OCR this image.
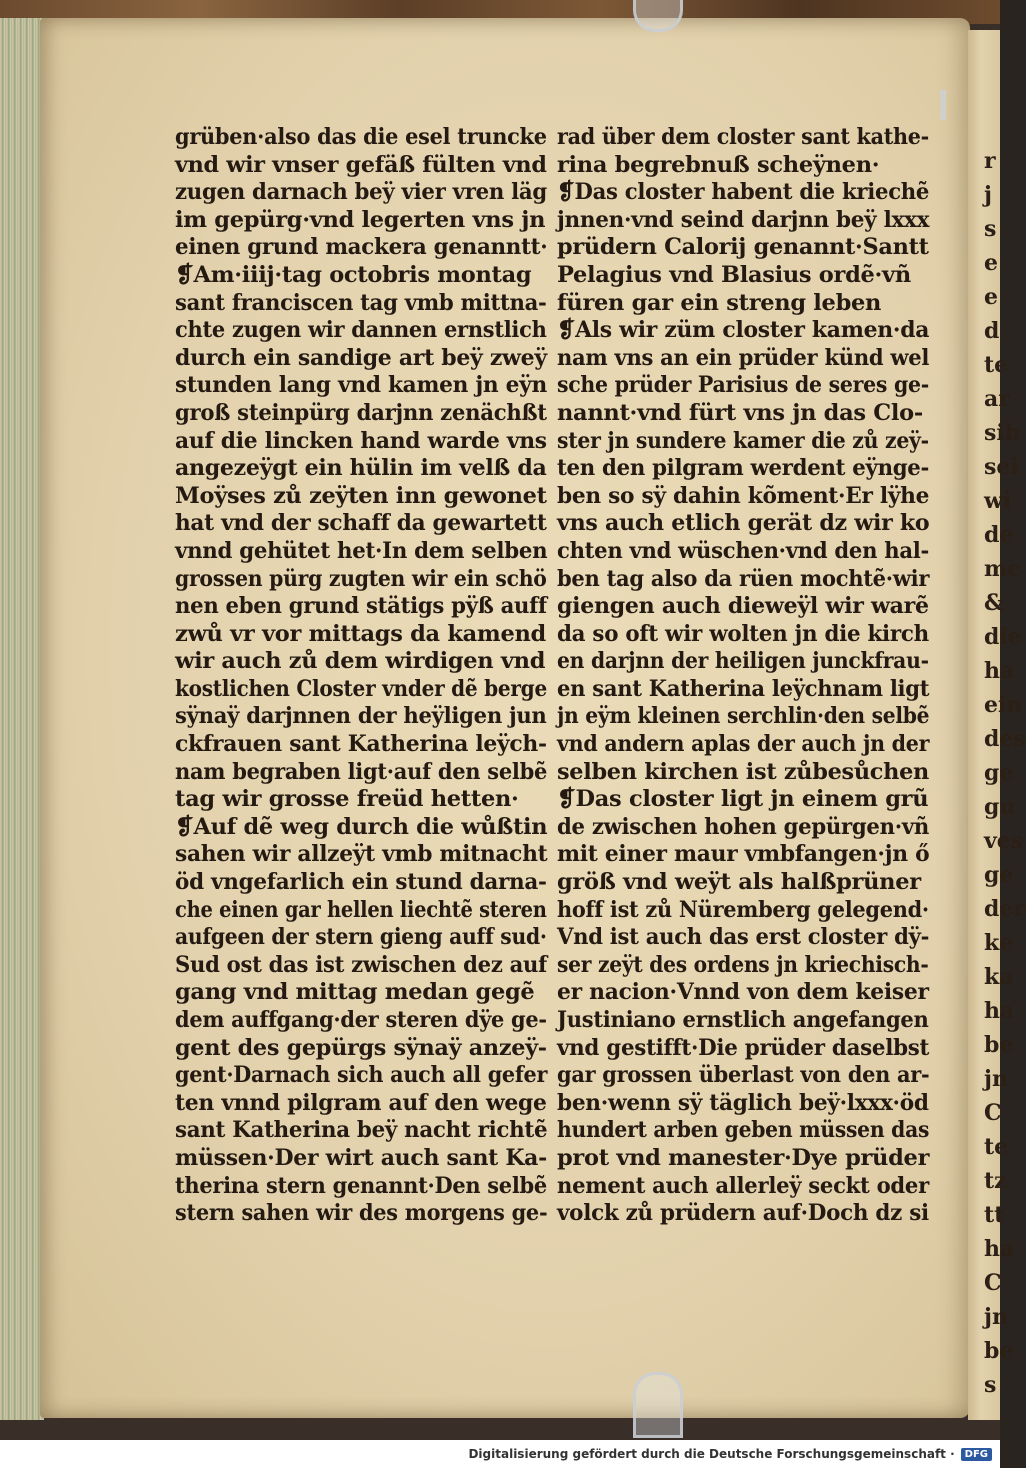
r
j
s
e
e
d
te
ar
sib
sei
wi
de
me
&
die
ha
ein
des
ge
gu
ves
ge
der
ke
ka
ha
be
jn
C
te
tz
tt
ha
C
jn
be
s
grüben·also das die esel truncke
vnd wir vnser gefäß fülten vnd
zugen darnach beÿ vier vren läg
im gepürg·vnd legerten vns jn
einen grund mackera genanntt·
❡Am·iiij·tag octobris montag
sant franciscen tag vmb mittna-
chte zugen wir dannen ernstlich
durch ein sandige art beÿ zweÿ
stunden lang vnd kamen jn eÿn
groß steinpürg darjnn zenächßt
auf die lincken hand warde vns
angezeÿgt ein hülin im velß da
Moÿses zů zeÿten inn gewonet
hat vnd der schaff da gewartett
vnnd gehütet het·In dem selben
grossen pürg zugten wir ein schö
nen eben grund stätigs pÿß auff
zwů vr vor mittags da kamend
wir auch zů dem wirdigen vnd
kostlichen Closter vnder dẽ berge
sÿnaÿ darjnnen der heÿligen jun
ckfrauen sant Katherina leÿch-
nam begraben ligt·auf den selbẽ
tag wir grosse freüd hetten·
❡Auf dẽ weg durch die wůßtin
sahen wir allzeÿt vmb mitnacht
öd vngefarlich ein stund darna-
che einen gar hellen liechtẽ steren
aufgeen der stern gieng auff sud·
Sud ost das ist zwischen dez auf
gang vnd mittag medan gegẽ
dem auffgang·der steren dÿe ge-
gent des gepürgs sÿnaÿ anzeÿ-
gent·Darnach sich auch all gefer
ten vnnd pilgram auf den wege
sant Katherina beÿ nacht richtẽ
müssen·Der wirt auch sant Ka-
therina stern genannt·Den selbẽ
stern sahen wir des morgens ge-
rad über dem closter sant kathe-
rina begrebnuß scheÿnen·
❡Das closter habent die kriechẽ
jnnen·vnd seind darjnn beÿ lxxx
prüdern Calorij genannt·Santt
Pelagius vnd Blasius ordẽ·vñ
füren gar ein streng leben
❡Als wir züm closter kamen·da
nam vns an ein prüder künd wel
sche prüder Parisius de seres ge-
nannt·vnd fürt vns jn das Clo-
ster jn sundere kamer die zů zeÿ-
ten den pilgram werdent eÿnge-
ben so sÿ dahin kõment·Er lÿhe
vns auch etlich gerät dz wir ko
chten vnd wüschen·vnd den hal-
ben tag also da rüen mochtẽ·wir
giengen auch dieweÿl wir warẽ
da so oft wir wolten jn die kirch
en darjnn der heiligen junckfrau-
en sant Katherina leÿchnam ligt
jn eÿm kleinen serchlin·den selbẽ
vnd andern aplas der auch jn der
selben kirchen ist zůbesůchen
❡Das closter ligt jn einem grũ
de zwischen hohen gepürgen·vñ
mit einer maur vmbfangen·jn ő
größ vnd weÿt als halßprüner
hoff ist zů Nüremberg gelegend·
Vnd ist auch das erst closter dÿ-
ser zeÿt des ordens jn kriechisch-
er nacion·Vnnd von dem keiser
Justiniano ernstlich angefangen
vnd gestifft·Die prüder daselbst
gar grossen überlast von den ar-
ben·wenn sÿ täglich beÿ·lxxx·öd
hundert arben geben müssen das
prot vnd manester·Dye prüder
nement auch allerleÿ seckt oder
volck zů prüdern auf·Doch dz si
Digitalisierung gefördert durch die Deutsche Forschungsgemeinschaft ·	DFG
